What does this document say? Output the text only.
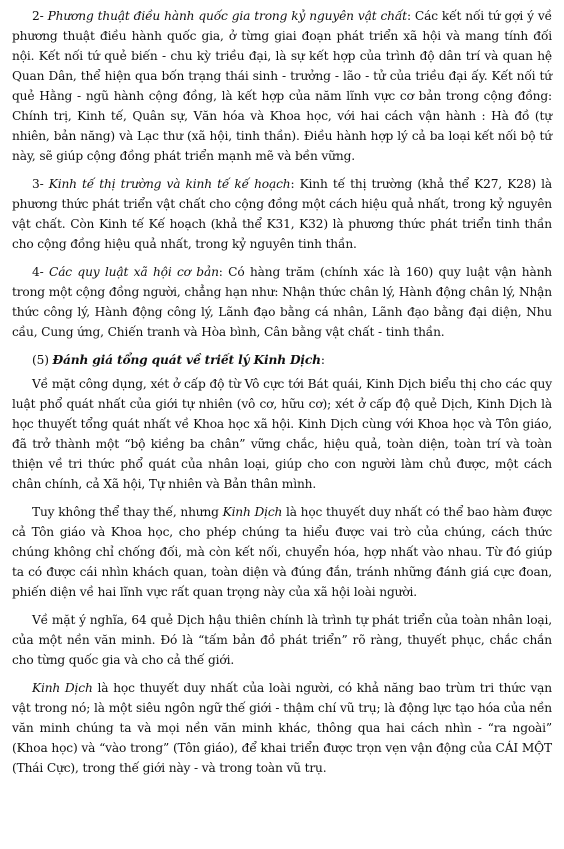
2- Phương thuật điều hành quốc gia trong kỷ nguyên vật chất: Các kết nối tứ gợi ý về phương thuật điều hành quốc gia, ở từng giai đoạn phát triển xã hội và mang tính đối nội. Kết nối tứ quẻ biến - chu kỳ triều đại, là sự kết hợp của trình độ dân trí và quan hệ Quan Dân, thể hiện qua bốn trạng thái sinh - trưởng - lão - tử của triều đại ấy. Kết nối tứ quẻ Hằng - ngũ hành cộng đồng, là kết hợp của năm lĩnh vực cơ bản trong cộng đồng: Chính trị, Kinh tế, Quân sự, Văn hóa và Khoa học, với hai cách vận hành : Hà đồ (tự nhiên, bản năng) và Lạc thư (xã hội, tinh thần). Điều hành hợp lý cả ba loại kết nối bộ tứ này, sẽ giúp cộng đồng phát triển mạnh mẽ và bền vững.

3- Kinh tế thị trường và kinh tế kế hoạch: Kinh tế thị trường (khả thể K27, K28) là phương thức phát triển vật chất cho cộng đồng một cách hiệu quả nhất, trong kỷ nguyên vật chất. Còn Kinh tế Kế hoạch (khả thể K31, K32) là phương thức phát triển tinh thần cho cộng đồng hiệu quả nhất, trong kỷ nguyên tinh thần.

4- Các quy luật xã hội cơ bản: Có hàng trăm (chính xác là 160) quy luật vận hành trong một cộng đồng người, chẳng hạn như: Nhận thức chân lý, Hành động chân lý, Nhận thức công lý, Hành động công lý, Lãnh đạo bằng cá nhân, Lãnh đạo bằng đại diện, Nhu cầu, Cung ứng, Chiến tranh và Hòa bình, Cân bằng vật chất - tinh thần.

(5) Đánh giá tổng quát về triết lý Kinh Dịch:

Về mặt công dụng, xét ở cấp độ từ Vô cực tới Bát quái, Kinh Dịch biểu thị cho các quy luật phổ quát nhất của giới tự nhiên (vô cơ, hữu cơ); xét ở cấp độ quẻ Dịch, Kinh Dịch là học thuyết tổng quát nhất về Khoa học xã hội. Kinh Dịch cùng với Khoa học và Tôn giáo, đã trở thành một “bộ kiềng ba chân” vững chắc, hiệu quả, toàn diện, toàn trí và toàn thiện về tri thức phổ quát của nhân loại, giúp cho con người làm chủ được, một cách chân chính, cả Xã hội, Tự nhiên và Bản thân mình.

Tuy không thể thay thế, nhưng Kinh Dịch là học thuyết duy nhất có thể bao hàm được cả Tôn giáo và Khoa học, cho phép chúng ta hiểu được vai trò của chúng, cách thức chúng không chỉ chống đối, mà còn kết nối, chuyển hóa, hợp nhất vào nhau. Từ đó giúp ta có được cái nhìn khách quan, toàn diện và đúng đắn, tránh những đánh giá cực đoan, phiến diện về hai lĩnh vực rất quan trọng này của xã hội loài người.

Về mặt ý nghĩa, 64 quẻ Dịch hậu thiên chính là trình tự phát triển của toàn nhân loại, của một nền văn minh. Đó là “tấm bản đồ phát triển” rõ ràng, thuyết phục, chắc chắn cho từng quốc gia và cho cả thế giới.

Kinh Dịch là học thuyết duy nhất của loài người, có khả năng bao trùm tri thức vạn vật trong nó; là một siêu ngôn ngữ thế giới - thậm chí vũ trụ; là động lực tạo hóa của nền văn minh chúng ta và mọi nền văn minh khác, thông qua hai cách nhìn - “ra ngoài” (Khoa học) và “vào trong” (Tôn giáo), để khai triển được trọn vẹn vận động của CÁI MỘT (Thái Cực), trong thế giới này - và trong toàn vũ trụ.
